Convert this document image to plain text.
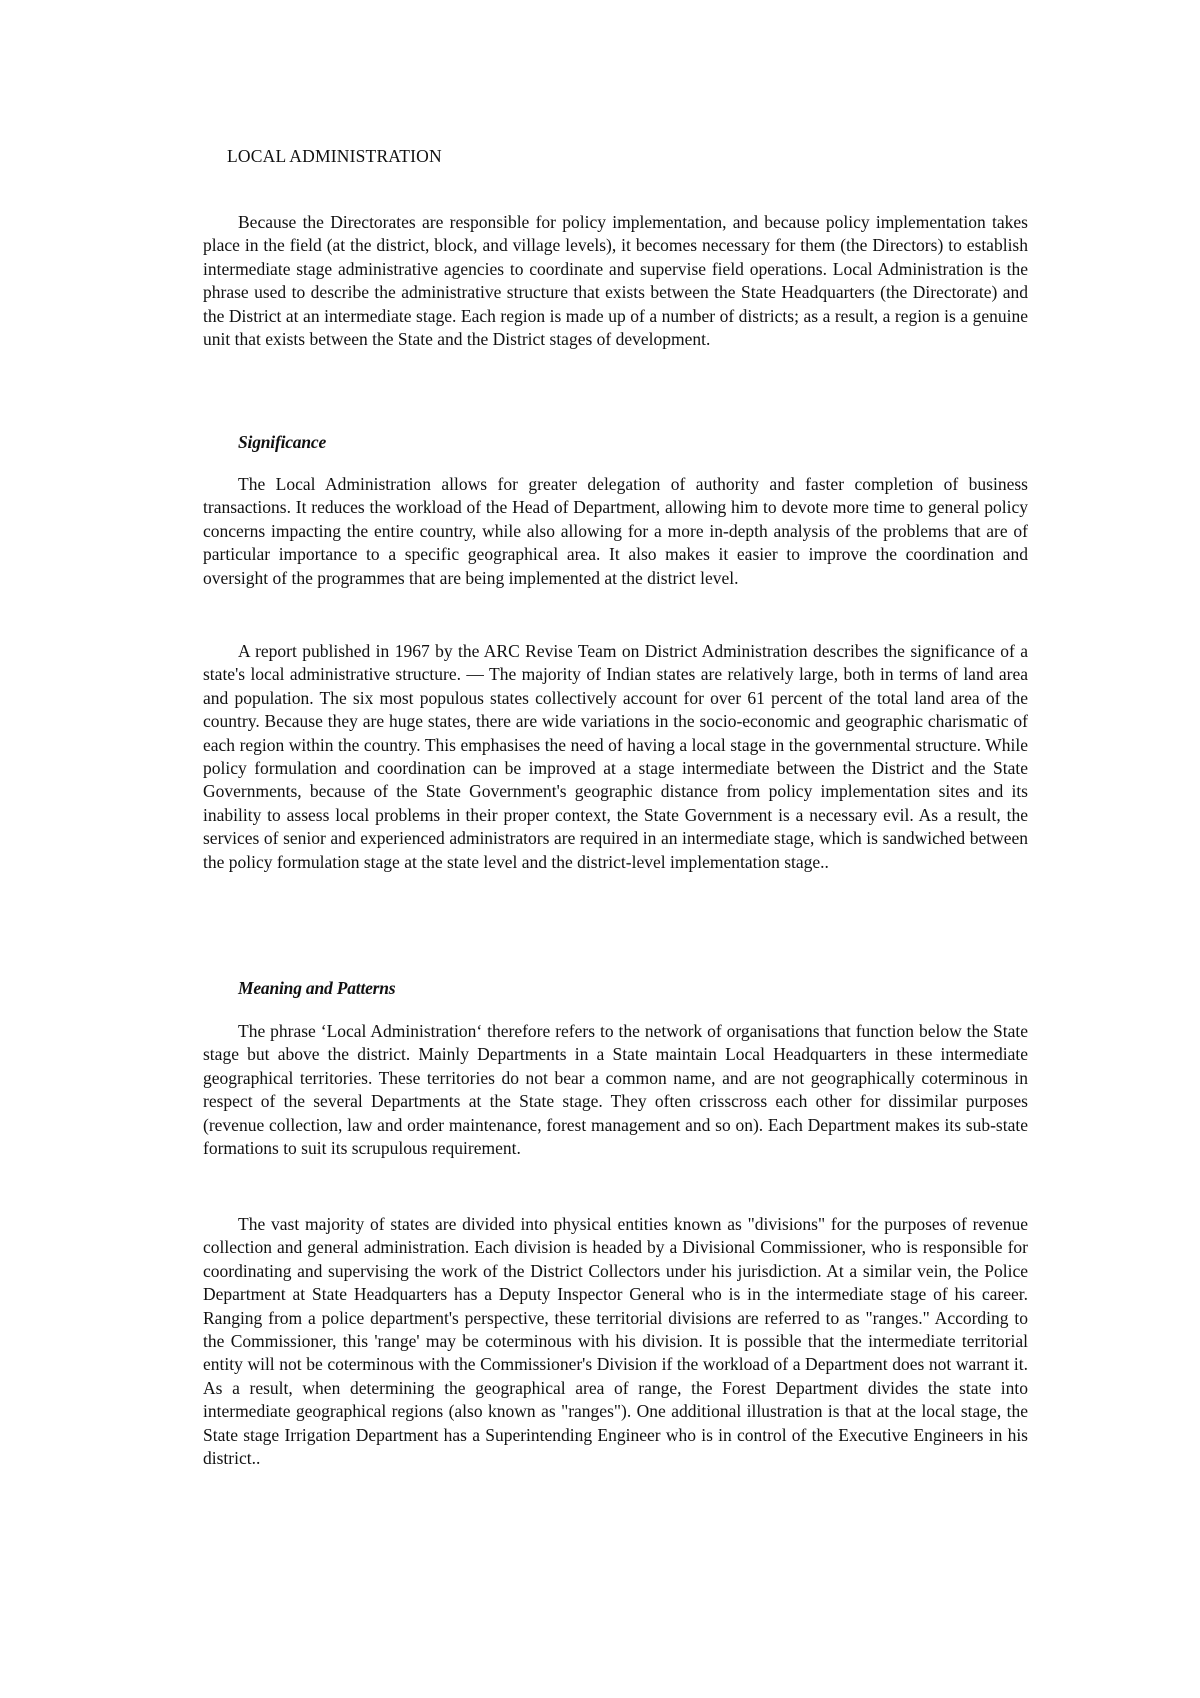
LOCAL ADMINISTRATION

Because the Directorates are responsible for policy implementation, and because policy implementation takes place in the field (at the district, block, and village levels), it becomes necessary for them (the Directors) to establish intermediate stage administrative agencies to coordinate and supervise field operations. Local Administration is the phrase used to describe the administrative structure that exists between the State Headquarters (the Directorate) and the District at an intermediate stage. Each region is made up of a number of districts; as a result, a region is a genuine unit that exists between the State and the District stages of development.

Significance

The Local Administration allows for greater delegation of authority and faster completion of business transactions. It reduces the workload of the Head of Department, allowing him to devote more time to general policy concerns impacting the entire country, while also allowing for a more in-depth analysis of the problems that are of particular importance to a specific geographical area. It also makes it easier to improve the coordination and oversight of the programmes that are being implemented at the district level.

A report published in 1967 by the ARC Revise Team on District Administration describes the significance of a state's local administrative structure. — The majority of Indian states are relatively large, both in terms of land area and population. The six most populous states collectively account for over 61 percent of the total land area of the country. Because they are huge states, there are wide variations in the socio-economic and geographic charismatic of each region within the country. This emphasises the need of having a local stage in the governmental structure. While policy formulation and coordination can be improved at a stage intermediate between the District and the State Governments, because of the State Government's geographic distance from policy implementation sites and its inability to assess local problems in their proper context, the State Government is a necessary evil. As a result, the services of senior and experienced administrators are required in an intermediate stage, which is sandwiched between the policy formulation stage at the state level and the district-level implementation stage..

Meaning and Patterns

The phrase ‘Local Administration‘ therefore refers to the network of organisations that function below the State stage but above the district. Mainly Departments in a State maintain Local Headquarters in these intermediate geographical territories. These territories do not bear a common name, and are not geographically coterminous in respect of the several Departments at the State stage. They often crisscross each other for dissimilar purposes (revenue collection, law and order maintenance, forest management and so on). Each Department makes its sub-state formations to suit its scrupulous requirement.

The vast majority of states are divided into physical entities known as "divisions" for the purposes of revenue collection and general administration. Each division is headed by a Divisional Commissioner, who is responsible for coordinating and supervising the work of the District Collectors under his jurisdiction. At a similar vein, the Police Department at State Headquarters has a Deputy Inspector General who is in the intermediate stage of his career. Ranging from a police department's perspective, these territorial divisions are referred to as "ranges." According to the Commissioner, this 'range' may be coterminous with his division. It is possible that the intermediate territorial entity will not be coterminous with the Commissioner's Division if the workload of a Department does not warrant it. As a result, when determining the geographical area of range, the Forest Department divides the state into intermediate geographical regions (also known as "ranges"). One additional illustration is that at the local stage, the State stage Irrigation Department has a Superintending Engineer who is in control of the Executive Engineers in his district..
